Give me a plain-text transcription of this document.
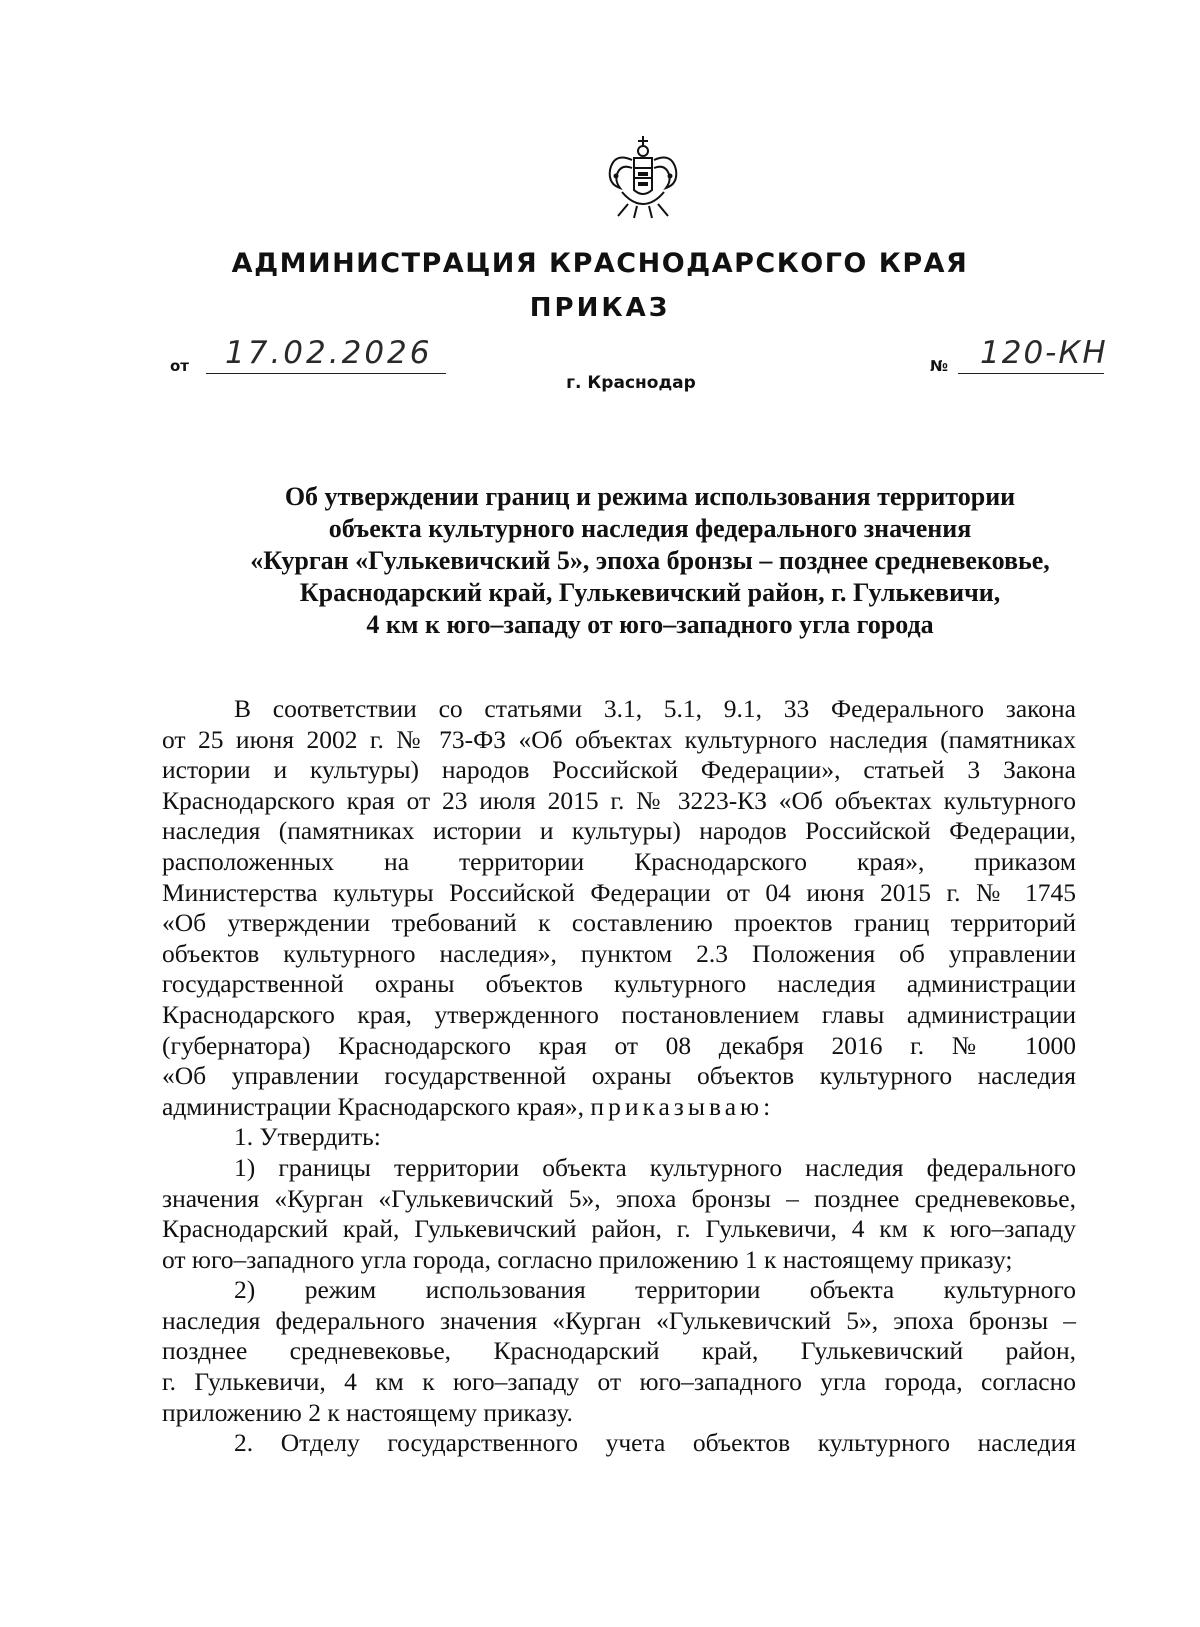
АДМИНИСТРАЦИЯ КРАСНОДАРСКОГО КРАЯ
ПРИКАЗ
от 17.02.2026	№ 120-КН
г. Краснодар
Об утверждении границ и режима использования территории
объекта культурного наследия федерального значения
«Курган «Гулькевичский 5», эпоха бронзы – позднее средневековье,
Краснодарский край, Гулькевичский район, г. Гулькевичи,
4 км к юго–западу от юго–западного угла города

В соответствии со статьями 3.1, 5.1, 9.1, 33 Федерального закона

от 25 июня 2002 г. № 73-ФЗ «Об объектах культурного наследия (памятниках

истории и культуры) народов Российской Федерации», статьей 3 Закона

Краснодарского края от 23 июля 2015 г. № 3223-КЗ «Об объектах культурного

наследия (памятниках истории и культуры) народов Российской Федерации,

расположенных на территории Краснодарского края», приказом

Министерства культуры Российской Федерации от 04 июня 2015 г. № 1745

«Об утверждении требований к составлению проектов границ территорий

объектов культурного наследия», пунктом 2.3 Положения об управлении

государственной охраны объектов культурного наследия администрации

Краснодарского края, утвержденного постановлением главы администрации

(губернатора) Краснодарского края от 08 декабря 2016 г. № 1000

«Об управлении государственной охраны объектов культурного наследия

администрации Краснодарского края», приказываю:

1. Утвердить:

1) границы территории объекта культурного наследия федерального

значения «Курган «Гулькевичский 5», эпоха бронзы – позднее средневековье,

Краснодарский край, Гулькевичский район, г. Гулькевичи, 4 км к юго–западу

от юго–западного угла города, согласно приложению 1 к настоящему приказу;

2) режим использования территории объекта культурного

наследия федерального значения «Курган «Гулькевичский 5», эпоха бронзы –

позднее средневековье, Краснодарский край, Гулькевичский район,

г. Гулькевичи, 4 км к юго–западу от юго–западного угла города, согласно

приложению 2 к настоящему приказу.

2. Отделу государственного учета объектов культурного наследия
